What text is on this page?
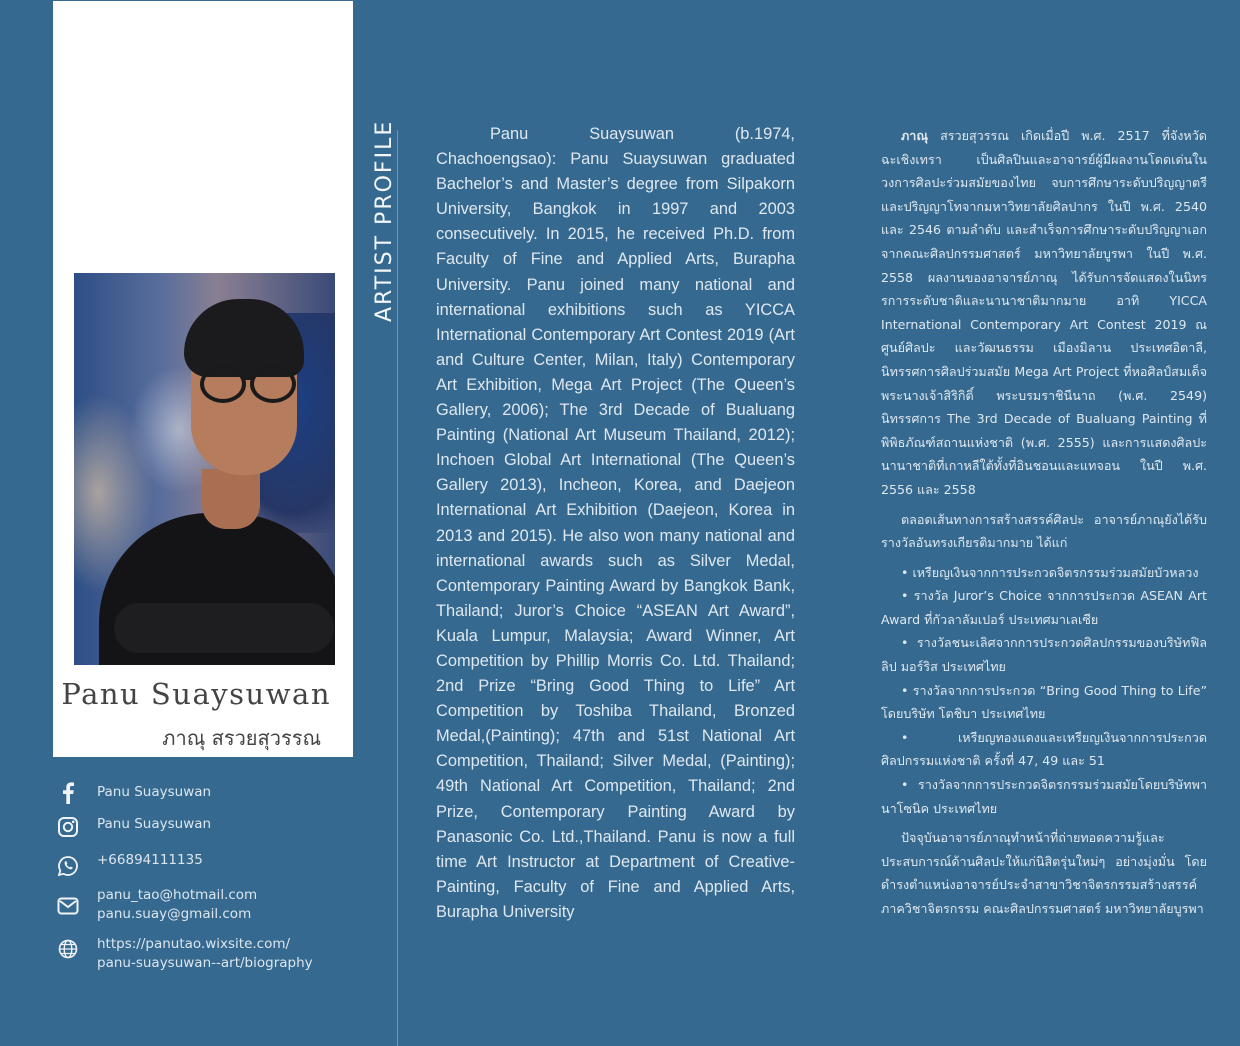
Panu Suaysuwan
ภาณุ สรวยสุวรรณ
Panu Suaysuwan
Panu Suaysuwan
+66894111135
panu_tao@hotmail.com
panu.suay@gmail.com
https://panutao.wixsite.com/
panu-suaysuwan--art/biography
ARTIST PROFILE	Panu Suaysuwan (b.1974, Chachoengsao): Panu Suaysuwan graduated Bachelor’s and Master’s degree from Silpakorn University, Bangkok in 1997 and 2003 consecutively. In 2015, he received Ph.D. from Faculty of Fine and Applied Arts, Burapha University. Panu joined many national and international exhibitions such as YICCA International Contemporary Art Contest 2019 (Art and Culture Center, Milan, Italy) Contemporary Art Exhibition, Mega Art Project (The Queen’s Gallery, 2006); The 3rd Decade of Bualuang Painting (National Art Museum Thailand, 2012); Inchoen Global Art International (The Queen’s Gallery 2013), Incheon, Korea, and Daejeon International Art Exhibition (Daejeon, Korea in 2013 and 2015). He also won many national and international awards such as Silver Medal, Contemporary Painting Award by Bangkok Bank, Thailand; Juror’s Choice “ASEAN Art Award”, Kuala Lumpur, Malaysia; Award Winner, Art Competition by Phillip Morris Co. Ltd. Thailand; 2nd Prize “Bring Good Thing to Life” Art Competition by Toshiba Thailand, Bronzed Medal,(Painting); 47th and 51st National Art Competition, Thailand; Silver Medal, (Painting); 49th National Art Competition, Thailand; 2nd Prize, Contemporary Painting Award by Panasonic Co. Ltd.,Thailand. Panu is now a full time Art Instructor at Department of Creative-Painting, Faculty of Fine and Applied Arts, Burapha University

ภาณุ สรวยสุวรรณ เกิดเมื่อปี พ.ศ. 2517 ที่จังหวัดฉะเชิงเทรา เป็นศิลปินและอาจารย์ผู้มีผลงานโดดเด่นในวงการศิลปะร่วมสมัยของไทย จบการศึกษาระดับปริญญาตรีและปริญญาโทจากมหาวิทยาลัยศิลปากร ในปี พ.ศ. 2540 และ 2546 ตามลำดับ และสำเร็จการศึกษาระดับปริญญาเอกจากคณะศิลปกรรมศาสตร์ มหาวิทยาลัยบูรพา ในปี พ.ศ. 2558 ผลงานของอาจารย์ภาณุ ได้รับการจัดแสดงในนิทรรการระดับชาติและนานาชาติมากมาย อาทิ YICCA International Contemporary Art Contest 2019 ณ ศูนย์ศิลปะ และวัฒนธรรม เมืองมิลาน ประเทศอิตาลี, นิทรรศการศิลปร่วมสมัย Mega Art Project ที่หอศิลป์สมเด็จพระนางเจ้าสิริกิติ์ พระบรมราชินีนาถ (พ.ศ. 2549) นิทรรศการ The 3rd Decade of Bualuang Painting ที่พิพิธภัณฑ์สถานแห่งชาติ (พ.ศ. 2555) และการแสดงศิลปะนานาชาติที่เกาหลีใต้ทั้งที่อินชอนและแทจอน ในปี พ.ศ. 2556 และ 2558

ตลอดเส้นทางการสร้างสรรค์ศิลปะ อาจารย์ภาณุยังได้รับรางวัลอันทรงเกียรติมากมาย ได้แก่

• เหรียญเงินจากการประกวดจิตรกรรมร่วมสมัยบัวหลวง
• รางวัล Juror’s Choice จากการประกวด ASEAN Art Award ที่กัวลาลัมเปอร์ ประเทศมาเลเซีย
• รางวัลชนะเลิศจากการประกวดศิลปกรรมของบริษัทฟิลลิป มอร์ริส ประเทศไทย
• รางวัลจากการประกวด “Bring Good Thing to Life” โดยบริษัท โตชิบา ประเทศไทย
• เหรียญทองแดงและเหรียญเงินจากการประกวดศิลปกรรมแห่งชาติ ครั้งที่ 47, 49 และ 51
• รางวัลจากการประกวดจิตรกรรมร่วมสมัยโดยบริษัทพานาโซนิค ประเทศไทย

ปัจจุบันอาจารย์ภาณุทำหน้าที่ถ่ายทอดความรู้และประสบการณ์ด้านศิลปะให้แก่นิสิตรุ่นใหม่ๆ อย่างมุ่งมั่น โดยดำรงตำแหน่งอาจารย์ประจำสาขาวิชาจิตรกรรมสร้างสรรค์ ภาควิชาจิตรกรรม คณะศิลปกรรมศาสตร์ มหาวิทยาลัยบูรพา
